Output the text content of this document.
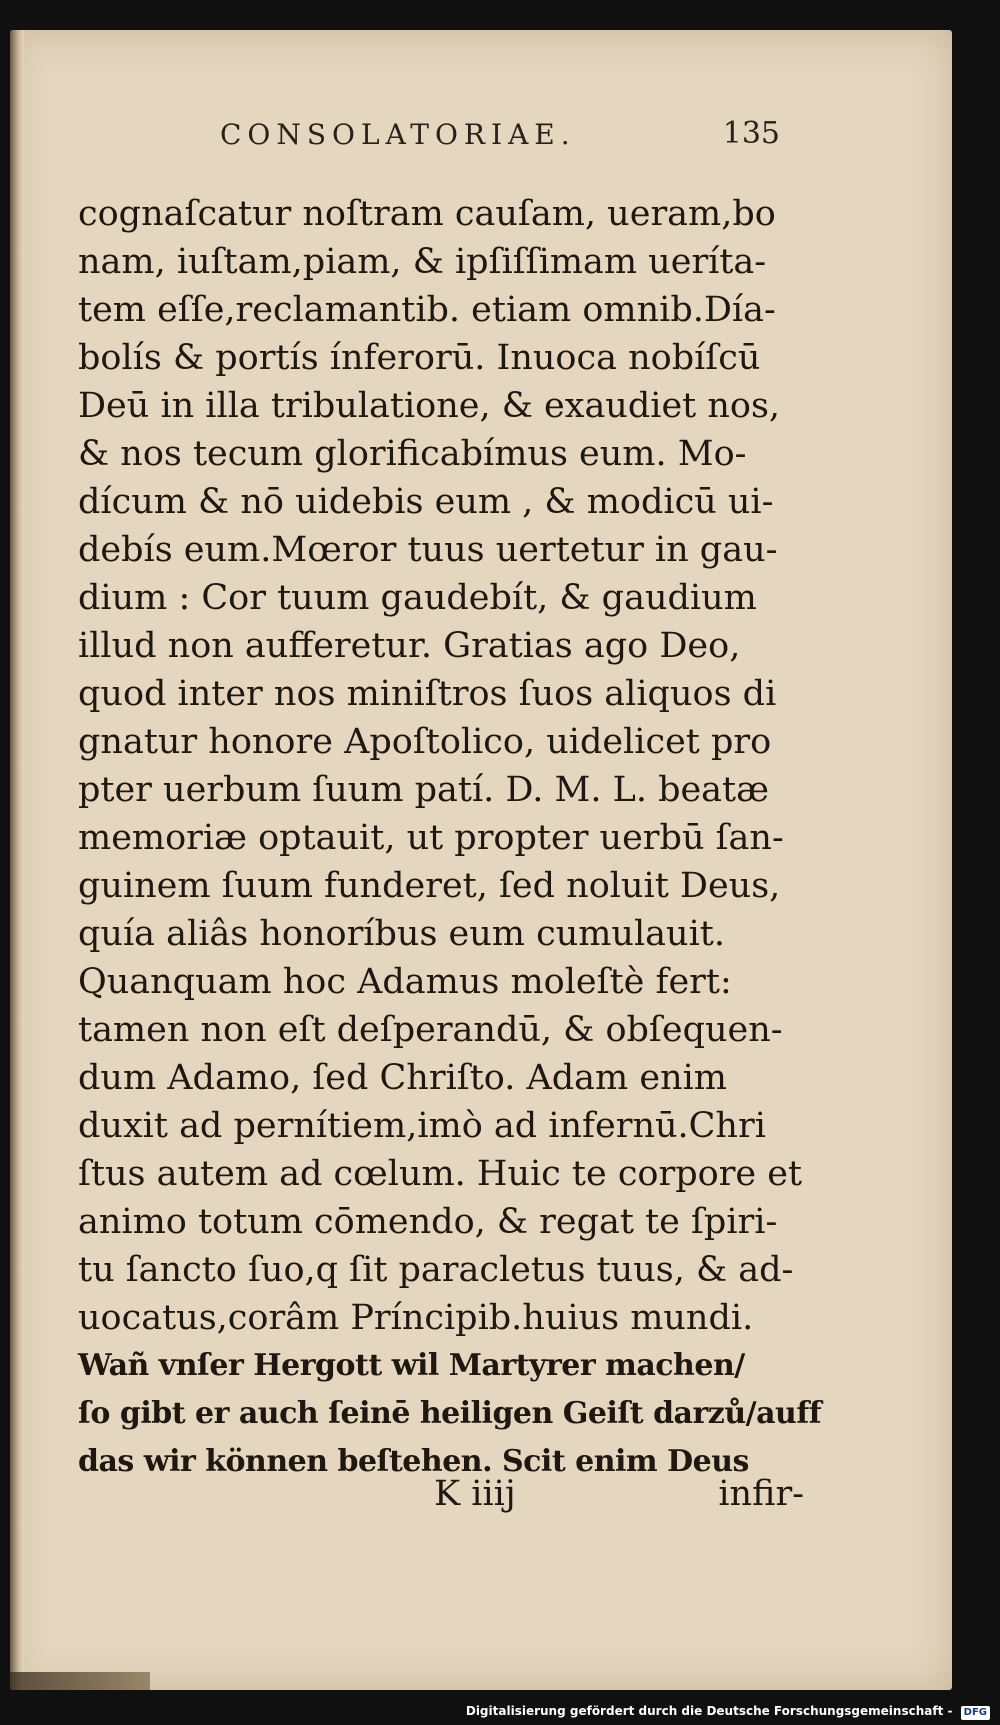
CONSOLATORIAE.	135
cognaſcatur noſtram cauſam, ueram,bo
nam, iuſtam,piam, & ipſiſſimam ueríta-
tem eſſe,reclamantib. etiam omnib.Día-
bolís & portís ínferorū. Inuoca nobíſcū
Deū in illa tribulatione, & exaudiet nos,
& nos tecum glorificabímus eum. Mo-
dícum & nō uidebis eum , & modicū ui-
debís eum.Mœror tuus uertetur in gau-
dium : Cor tuum gaudebít, & gaudium
illud non aufferetur. Gratias ago Deo,
quod inter nos miniſtros ſuos aliquos di
gnatur honore Apoſtolico, uidelicet pro
pter uerbum ſuum patí. D. M. L. beatæ
memoriæ optauit, ut propter uerbū ſan-
guinem ſuum funderet, ſed noluit Deus,
quía aliâs honoríbus eum cumulauit.
Quanquam hoc Adamus moleſtè fert:
tamen non eſt deſperandū, & obſequen-
dum Adamo, ſed Chriſto. Adam enim
duxit ad pernítiem,imò ad infernū.Chri
ſtus autem ad cœlum. Huic te corpore et
animo totum cōmendo, & regat te ſpiri-
tu ſancto ſuo,q ſit paracletus tuus, & ad-
uocatus,corâm Príncipib.huius mundi.
Wañ vnſer Hergott wil Martyrer machen/
ſo gibt er auch ſeinē heiligen Geiſt darzů/auff
das wir können beſtehen. Scit enim Deus
K iiij	infir-
Digitalisierung gefördert durch die Deutsche Forschungsgemeinschaft - DFG
